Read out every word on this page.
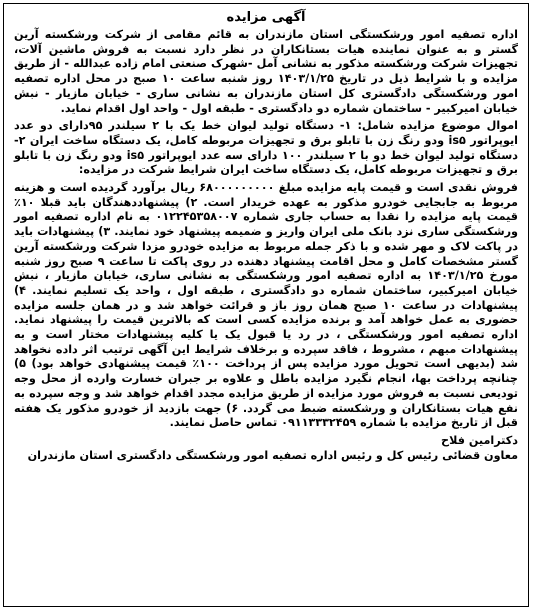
آگهی مزایده

اداره تصفیه امور ورشکستگی استان مازندران به قائم مقامی از شرکت ورشکسته آرین گستر و به عنوان نماینده هیات بستانکاران در نظر دارد نسبت به فروش ماشین آلات، تجهیزات شرکت ورشکسته مذکور به نشانی آمل -شهرک صنعتی امام زاده عبدالله - از طریق مزایده و با شرایط ذیل در تاریخ ۱۴۰۳/۱/۲۵ روز شنبه ساعت ۱۰ صبح در محل اداره تصفیه امور ورشکستگی دادگستری کل استان مازندران به نشانی ساری - خیابان مازیار - نبش خیابان امیرکبیر - ساختمان شماره دو دادگستری - طبقه اول - واحد اول اقدام نماید.

اموال موضوع مزایده شامل: ۱- دستگاه تولید لیوان خط یک با ۲ سیلندر ۹۵دارای دو عدد ایوپراتور is۵ ودو رنگ زن با تابلو برق و تجهیزات مربوطه کامل، یک دستگاه ساخت ایران ۲- دستگاه تولید لیوان خط دو با ۲ سیلندر ۱۰۰ دارای سه عدد ایوپراتور is۵ ودو رنگ زن با تابلو برق و تجهیزات مربوطه کامل، یک دستگاه ساخت ایران شرایط شرکت در مزایده:

فروش نقدی است و قیمت پایه مزایده مبلغ ۶۸۰۰۰۰۰۰۰۰۰ ریال برآورد گردیده است و هزینه مربوط به جابجایی خودرو مذکور به عهده خریدار است. ۲) پیشنهاددهندگان باید قبلا ۱۰٪ قیمت پایه مزایده را نقدا به حساب جاری شماره ۰۱۲۲۴۵۳۵۸۰۰۷ به نام اداره تصفیه امور ورشکستگی ساری نزد بانک ملی ایران واریز و ضمیمه پیشنهاد خود نمایند. ۳) پیشنهادات باید در پاکت لاک و مهر شده و با ذکر جمله مربوط به مزایده خودرو مزدا شرکت ورشکسته آرین گستر مشخصات کامل و محل اقامت پیشنهاد دهنده در روی پاکت تا ساعت ۹ صبح روز شنبه مورخ ۱۴۰۳/۱/۲۵ به اداره تصفیه امور ورشکستگی به نشانی ساری، خیابان مازیار ، نبش خیابان امیرکبیر، ساختمان شماره دو دادگستری ، طبقه اول ، واحد یک تسلیم نمایند. ۴) پیشنهادات در ساعت ۱۰ صبح همان روز باز و قرائت خواهد شد و در همان جلسه مزایده حضوری به عمل خواهد آمد و برنده مزایده کسی است که بالاترین قیمت را پیشنهاد نماید. اداره تصفیه امور ورشکستگی ، در رد یا قبول یک یا کلیه پیشنهادات مختار است و به پیشنهادات مبهم ، مشروط ، فاقد سپرده و برخلاف شرایط این آگهی ترتیب اثر داده نخواهد شد (بدیهی است تحویل مورد مزایده پس از پرداخت ۱۰۰٪ قیمت پیشنهادی خواهد بود) ۵) چنانچه پرداخت بها، انجام نگیرد مزایده باطل و علاوه بر جبران خسارت وارده از محل وجه تودیعی نسبت به فروش مورد مزایده از طریق مزایده مجدد اقدام خواهد شد و وجه سپرده به نفع هیات بستانکاران و ورشکسته ضبط می گردد. ۶) جهت بازدید از خودرو مذکور یک هفته قبل از تاریخ مزایده با شماره ۰۹۱۱۳۳۳۲۴۵۹ تماس حاصل نمایند.

دکترامین فلاح
معاون قضائی رئیس کل و رئیس اداره تصفیه امور ورشکستگی دادگستری استان مازندران
